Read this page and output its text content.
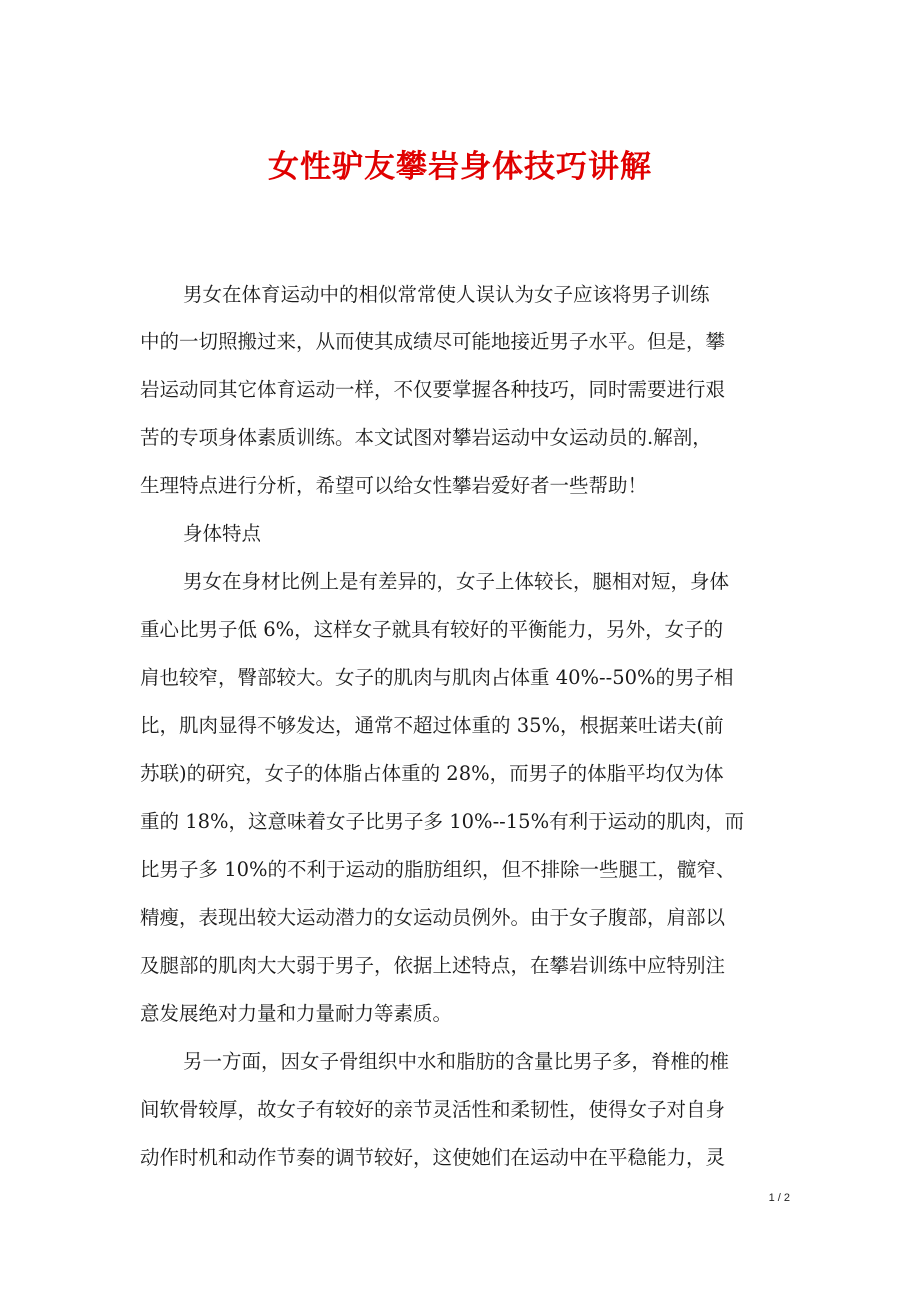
女性驴友攀岩身体技巧讲解

男女在体育运动中的相似常常使人误认为女子应该将男子训练

中的一切照搬过来，从而使其成绩尽可能地接近男子水平。但是，攀

岩运动同其它体育运动一样，不仅要掌握各种技巧，同时需要进行艰

苦的专项身体素质训练。本文试图对攀岩运动中女运动员的.解剖，

生理特点进行分析，希望可以给女性攀岩爱好者一些帮助！

身体特点

男女在身材比例上是有差异的，女子上体较长，腿相对短，身体

重心比男子低 6%，这样女子就具有较好的平衡能力，另外，女子的

肩也较窄，臀部较大。女子的肌肉与肌肉占体重 40%--50%的男子相

比，肌肉显得不够发达，通常不超过体重的 35%，根据莱吐诺夫(前

苏联)的研究，女子的体脂占体重的 28%，而男子的体脂平均仅为体

重的 18%，这意味着女子比男子多 10%--15%有利于运动的肌肉，而

比男子多 10%的不利于运动的脂肪组织，但不排除一些腿工，髋窄、

精瘦，表现出较大运动潜力的女运动员例外。由于女子腹部，肩部以

及腿部的肌肉大大弱于男子，依据上述特点，在攀岩训练中应特别注

意发展绝对力量和力量耐力等素质。

另一方面，因女子骨组织中水和脂肪的含量比男子多，脊椎的椎

间软骨较厚，故女子有较好的亲节灵活性和柔韧性，使得女子对自身

动作时机和动作节奏的调节较好，这使她们在运动中在平稳能力，灵

1 / 2
